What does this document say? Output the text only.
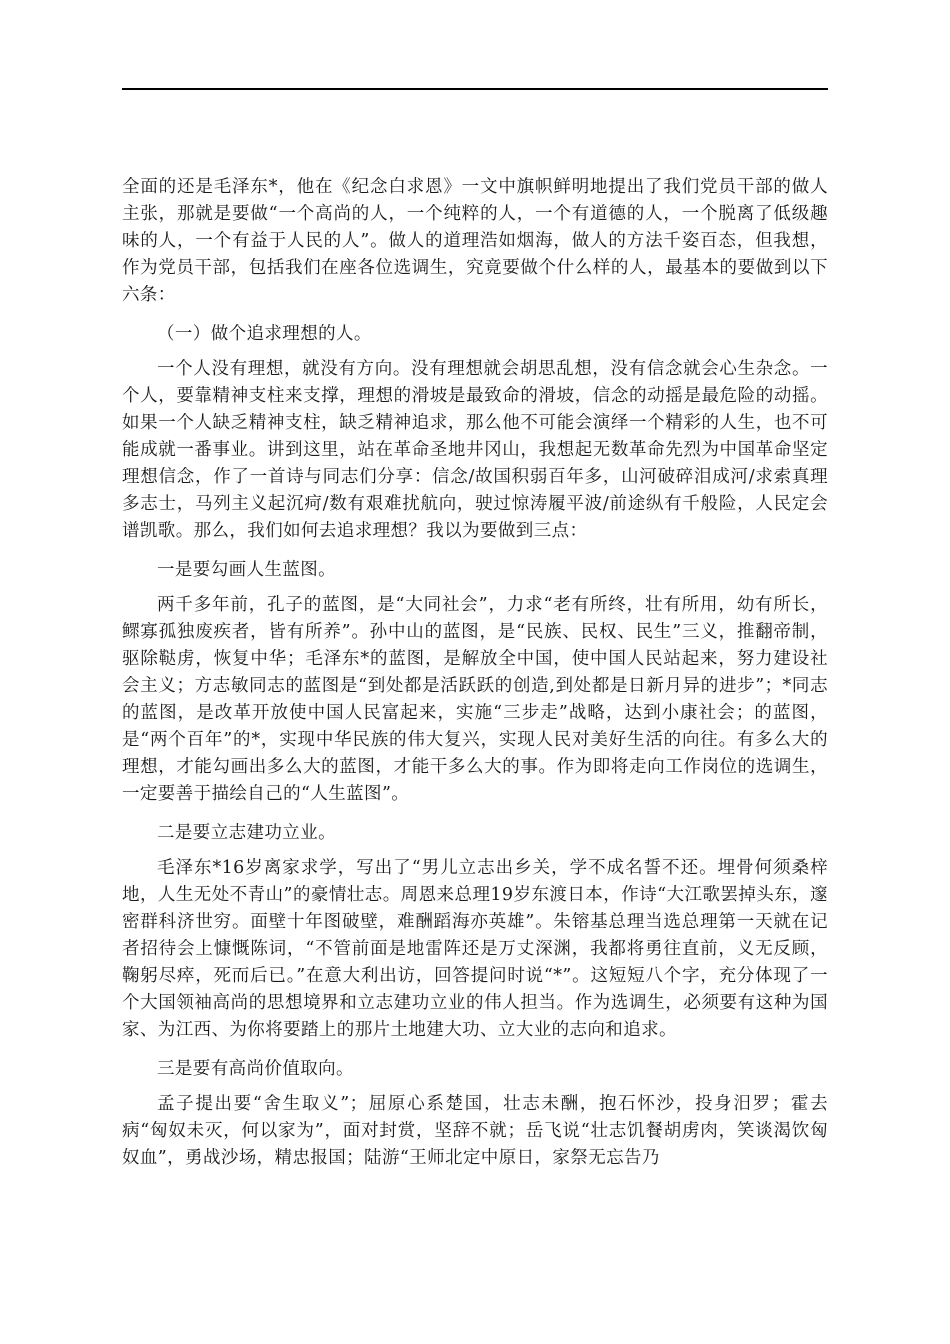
全面的还是毛泽东*，他在《纪念白求恩》一文中旗帜鲜明地提出了我们党员干部的做人主张，那就是要做“一个高尚的人，一个纯粹的人，一个有道德的人，一个脱离了低级趣味的人，一个有益于人民的人”。做人的道理浩如烟海，做人的方法千姿百态，但我想，作为党员干部，包括我们在座各位选调生，究竟要做个什么样的人，最基本的要做到以下六条：

（一）做个追求理想的人。

一个人没有理想，就没有方向。没有理想就会胡思乱想，没有信念就会心生杂念。一个人，要靠精神支柱来支撑，理想的滑坡是最致命的滑坡，信念的动摇是最危险的动摇。如果一个人缺乏精神支柱，缺乏精神追求，那么他不可能会演绎一个精彩的人生，也不可能成就一番事业。讲到这里，站在革命圣地井冈山，我想起无数革命先烈为中国革命坚定理想信念，作了一首诗与同志们分享：信念/故国积弱百年多，山河破碎泪成河/求索真理多志士，马列主义起沉疴/数有艰难扰航向，驶过惊涛履平波/前途纵有千般险，人民定会谱凯歌。那么，我们如何去追求理想？我以为要做到三点：

一是要勾画人生蓝图。

两千多年前，孔子的蓝图，是“大同社会”，力求“老有所终，壮有所用，幼有所长，鳏寡孤独废疾者，皆有所养”。孙中山的蓝图，是“民族、民权、民生”三义，推翻帝制，驱除鞑虏，恢复中华；毛泽东*的蓝图，是解放全中国，使中国人民站起来，努力建设社会主义；方志敏同志的蓝图是“到处都是活跃跃的创造,到处都是日新月异的进步”；*同志的蓝图，是改革开放使中国人民富起来，实施“三步走”战略，达到小康社会；的蓝图，是“两个百年”的*，实现中华民族的伟大复兴，实现人民对美好生活的向往。有多么大的理想，才能勾画出多么大的蓝图，才能干多么大的事。作为即将走向工作岗位的选调生，一定要善于描绘自己的“人生蓝图”。

二是要立志建功立业。

毛泽东*16岁离家求学，写出了“男儿立志出乡关，学不成名誓不还。埋骨何须桑梓地，人生无处不青山”的豪情壮志。周恩来总理19岁东渡日本，作诗“大江歌罢掉头东，邃密群科济世穷。面壁十年图破壁，难酬蹈海亦英雄”。朱镕基总理当选总理第一天就在记者招待会上慷慨陈词，“不管前面是地雷阵还是万丈深渊，我都将勇往直前，义无反顾，鞠躬尽瘁，死而后已。”在意大利出访，回答提问时说“*”。这短短八个字，充分体现了一个大国领袖高尚的思想境界和立志建功立业的伟人担当。作为选调生，必须要有这种为国家、为江西、为你将要踏上的那片土地建大功、立大业的志向和追求。

三是要有高尚价值取向。

孟子提出要“舍生取义”；屈原心系楚国，壮志未酬，抱石怀沙，投身汨罗；霍去病“匈奴未灭，何以家为”，面对封赏，坚辞不就；岳飞说“壮志饥餐胡虏肉，笑谈渴饮匈奴血”，勇战沙场，精忠报国；陆游“王师北定中原日，家祭无忘告乃
